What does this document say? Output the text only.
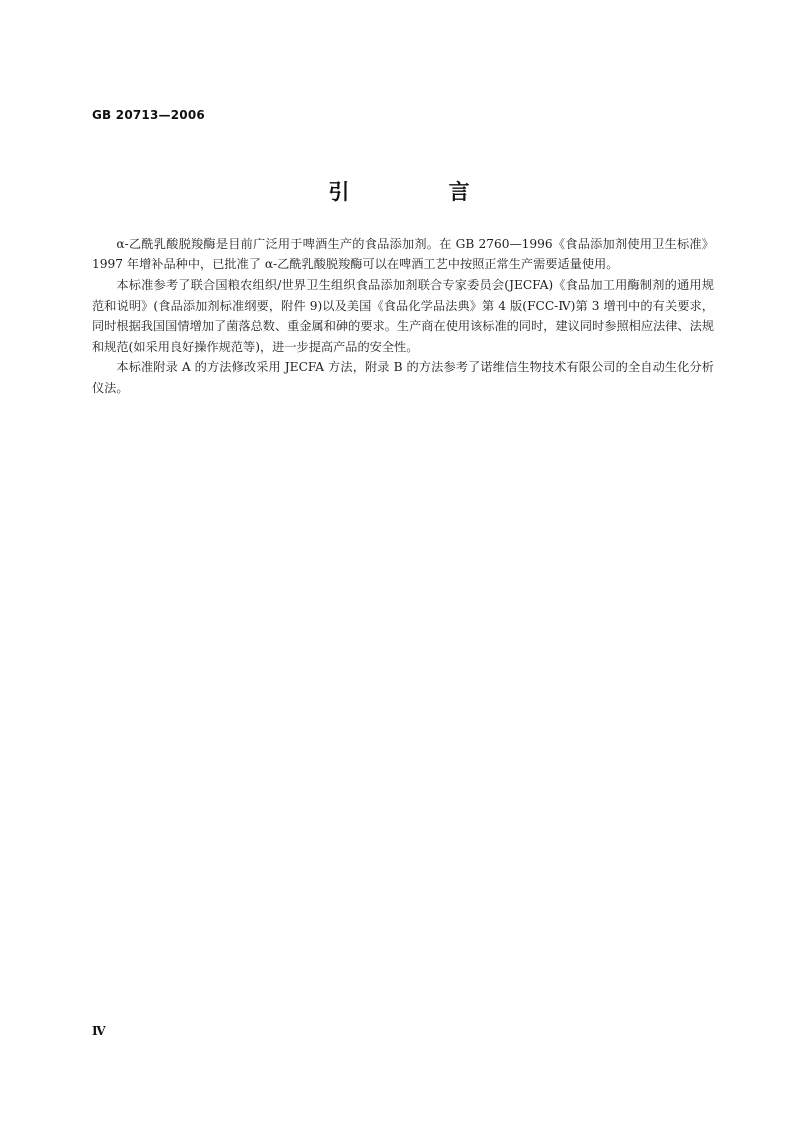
GB 20713—2006
引 言

α-乙酰乳酸脱羧酶是目前广泛用于啤酒生产的食品添加剂。在 GB 2760—1996《食品添加剂使用卫生标准》1997 年增补品种中，已批准了 α-乙酰乳酸脱羧酶可以在啤酒工艺中按照正常生产需要适量使用。

本标准参考了联合国粮农组织/世界卫生组织食品添加剂联合专家委员会(JECFA)《食品加工用酶制剂的通用规范和说明》(食品添加剂标准纲要，附件 9)以及美国《食品化学品法典》第 4 版(FCC-Ⅳ)第 3 增刊中的有关要求，同时根据我国国情增加了菌落总数、重金属和砷的要求。生产商在使用该标准的同时，建议同时参照相应法律、法规和规范(如采用良好操作规范等)，进一步提高产品的安全性。

本标准附录 A 的方法修改采用 JECFA 方法，附录 B 的方法参考了诺维信生物技术有限公司的全自动生化分析仪法。

Ⅳ
